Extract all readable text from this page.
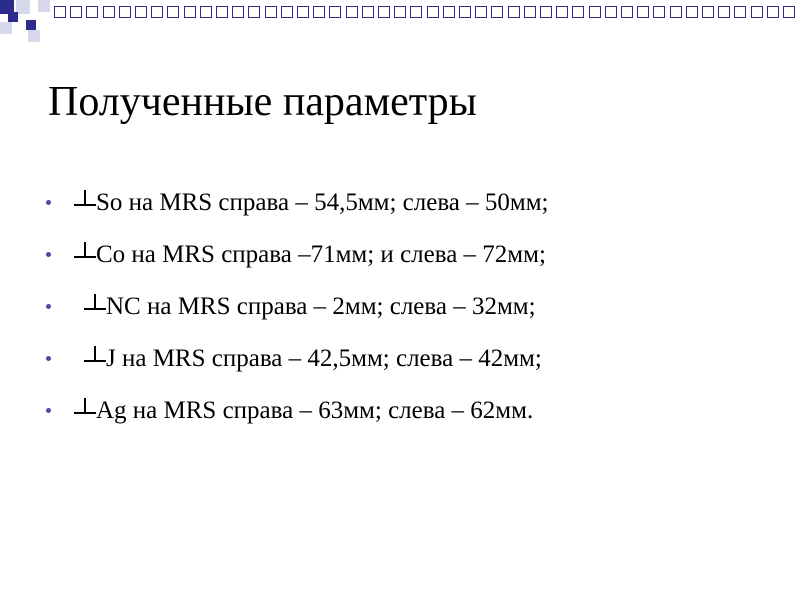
Полученные параметры
So на MRS справа – 54,5мм; слева – 50мм;
Co на MRS справа –71мм; и слева – 72мм;
NC на MRS справа – 2мм; слева – 32мм;
J на MRS справа – 42,5мм; слева – 42мм;
Ag на MRS справа – 63мм; слева – 62мм.
